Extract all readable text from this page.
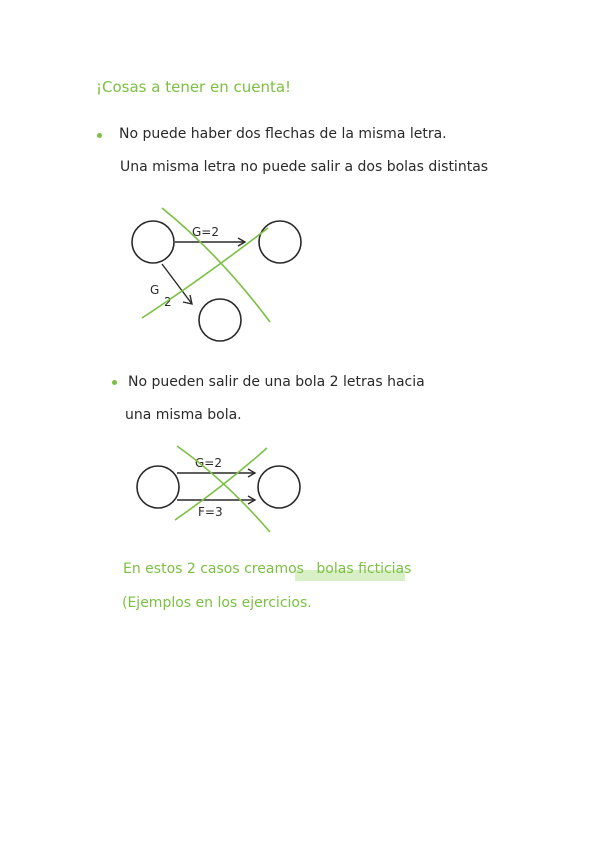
¡Cosas a tener en cuenta!
No puede haber dos flechas de la misma letra.
Una misma letra no puede salir a dos bolas distintas
G=2
G
2
No pueden salir de una bola 2 letras hacia
una misma bola.
G=2
F=3
En estos 2 casos creamos bolas ficticias
(Ejemplos en los ejercicios.
